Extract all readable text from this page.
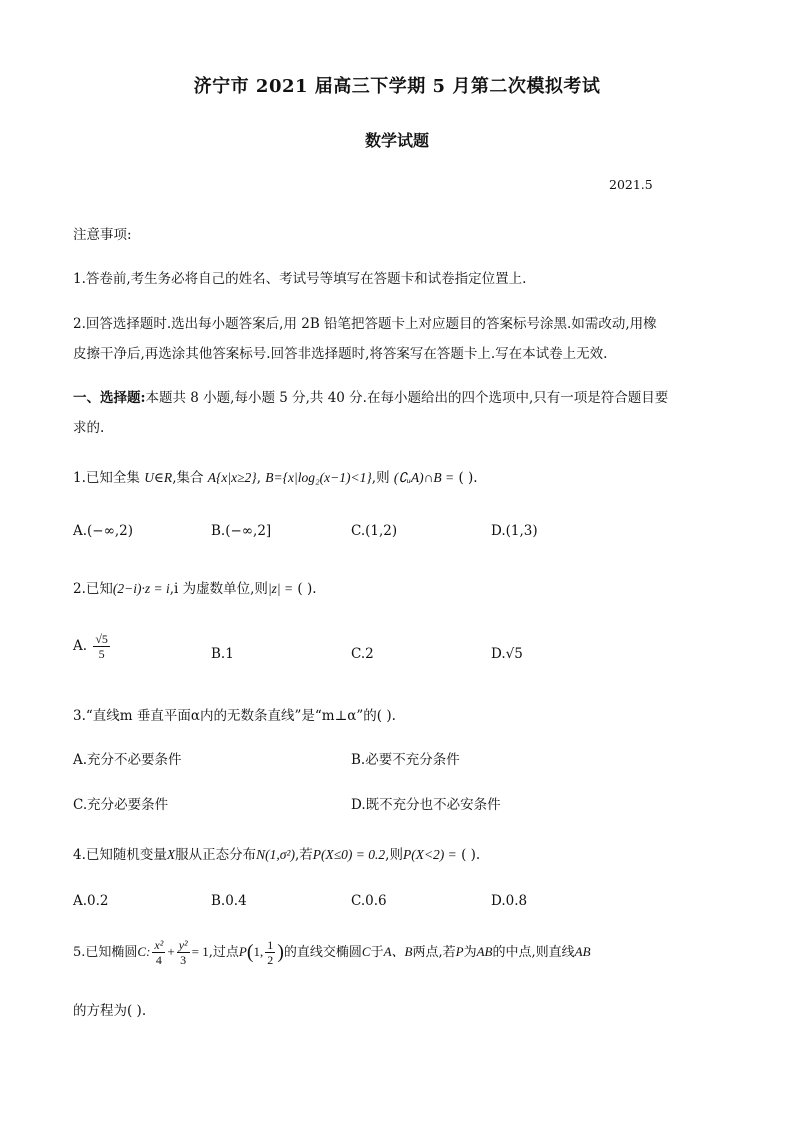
济宁市 2021 届高三下学期 5 月第二次模拟考试
数学试题
2021.5
注意事项:
1.答卷前,考生务必将自己的姓名、考试号等填写在答题卡和试卷指定位置上.
2.回答选择题时.选出每小题答案后,用 2B 铅笔把答题卡上对应题目的答案标号涂黑.如需改动,用橡
皮擦干净后,再选涂其他答案标号.回答非选择题时,将答案写在答题卡上.写在本试卷上无效.
一、选择题:本题共 8 小题,每小题 5 分,共 40 分.在每小题给出的四个选项中,只有一项是符合题目要
求的.
1.已知全集 U∈R,集合 A{x|x≥2}, B={x|log₂(x−1)<1},则 (∁ᵤA)∩B = ( ).
A.(−∞,2)	B.(−∞,2]	C.(1,2)	D.(1,3)
2.已知(2−i)·z = i,i 为虚数单位,则|z| = ( ).
A. $\frac{√5}{5}$	B.1	C.2	D.√5
3.“直线m 垂直平面α内的无数条直线”是“m⊥α”的( ).
A.充分不必要条件	B.必要不充分条件
C.充分必要条件	D.既不充分也不必安条件
4.已知随机变量X服从正态分布N(1,σ²),若P(X≤0) = 0.2,则P(X<2) = ( ).
A.0.2	B.0.4	C.0.6	D.0.8
5.已知椭圆C: $\frac{\text{x²}}{4} + \frac{\text{y²}}{3} = 1$,过点P(1, $\frac{1}{2}$ )的直线交椭圆C于A、B两点,若P为AB的中点,则直线AB
的方程为( ).
